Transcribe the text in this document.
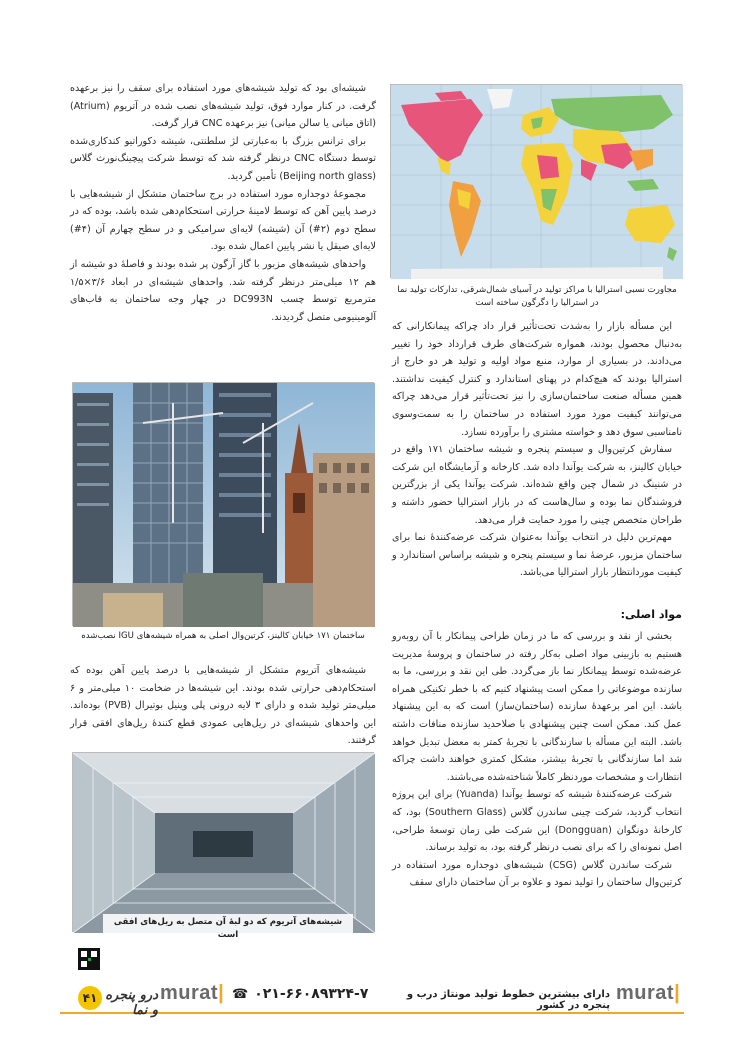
مجاورت نسبی استرالیا با مراکز تولید در آسیای شمال‌شرقی، تدارکات تولید نما در استرالیا را دگرگون ساخته است

این مسأله بازار را به‌شدت تحت‌تأثیر قرار داد چراکه پیمانکارانی که به‌دنبال محصول بودند، همواره شرکت‌های طرف قرارداد خود را تغییر می‌دادند. در بسیاری از موارد، منبع مواد اولیه و تولید هر دو خارج از استرالیا بودند که هیچ‌کدام در پهنای استاندارد و کنترل کیفیت نداشتند. همین مسأله صنعت ساختمان‌سازی را نیز تحت‌تأثیر قرار می‌دهد چراکه می‌توانند کیفیت مورد مورد استفاده در ساختمان را به سمت‌وسوی نامناسبی سوق دهد و خواسته مشتری را برآورده نسازد.

سفارش کرتین‌وال و سیستم پنجره و شیشه ساختمان ۱۷۱ واقع در خیابان کالینز، به شرکت یوآندا داده شد. کارخانه و آزمایشگاه این شرکت در شنینگ در شمال چین واقع شده‌اند. شرکت یوآندا یکی از بزرگترین فروشندگان نما بوده و سال‌هاست که در بازار استرالیا حضور داشته و طراحان متخصص چینی را مورد حمایت قرار می‌دهد.

مهم‌ترین دلیل در انتخاب یوآندا به‌عنوان شرکت عرضه‌کنندهٔ نما برای ساختمان مزبور، عرضهٔ نما و سیستم پنجره و شیشه براساس استاندارد و کیفیت موردانتظار بازار استرالیا می‌باشد.

مواد اصلی:

بخشی از نقد و بررسی که ما در زمان طراحی پیمانکار با آن روبه‌رو هستیم به بازبینی مواد اصلی به‌کار رفته در ساختمان و پروسهٔ مدیریت عرضه‌شده توسط پیمانکار نما باز می‌گردد. طی این نقد و بررسی، ما به سازنده موضوعاتی را ممکن است پیشنهاد کنیم که با خطر تکنیکی همراه باشد. این امر برعهدهٔ سازنده (ساختمان‌ساز) است که به این پیشنهاد عمل کند. ممکن است چنین پیشنهادی با صلاحدید سازنده منافات داشته باشد. البته این مسأله با سازندگانی با تجربهٔ کمتر به معضل تبدیل خواهد شد اما سازندگانی با تجربهٔ بیشتر، مشکل کمتری خواهند داشت چراکه انتظارات و مشخصات موردنظر کاملاً شناخته‌شده می‌باشند.

شرکت عرضه‌کنندهٔ شیشه که توسط یوآندا (Yuanda) برای این پروژه انتخاب گردید، شرکت چینی ساندرن گلاس (Southern Glass) بود، که کارخانهٔ دونگوان (Dongguan) این شرکت طی زمان توسعهٔ طراحی، اصل نمونه‌ای را که برای نصب درنظر گرفته بود، به تولید برساند.

شرکت ساندرن گلاس (CSG) شیشه‌های دوجداره مورد استفاده در کرتین‌وال ساختمان را تولید نمود و علاوه بر آن ساختمان دارای سقف

شیشه‌ای بود که تولید شیشه‌های مورد استفاده برای سقف را نیز برعهده گرفت. در کنار موارد فوق، تولید شیشه‌های نصب شده در آتریوم (Atrium) (اتاق میانی یا سالن میانی) نیز برعهده CNC قرار گرفت.

برای ترانس بزرگ با به‌عبارتی لژ سلطنتی، شیشه دکوراتیو کندکاری‌شده توسط دستگاه CNC درنظر گرفته شد که توسط شرکت پیچینگ‌نورث گلاس (Beijing north glass) تأمین گردید.

مجموعهٔ دوجداره مورد استفاده در برج ساختمان متشکل از شیشه‌هایی با درصد پایین آهن که توسط لامینهٔ حرارتی استحکام‌دهی شده باشد، بوده که در سطح دوم (۲#) آن (شیشه) لایه‌ای سرامیکی و در سطح چهارم آن (۴#) لایه‌ای صیقل یا نشر پایین اعمال شده بود.

واحدهای شیشه‌های مزبور با گاز آرگون پر شده بودند و فاصلهٔ دو شیشه از هم ۱۲ میلی‌متر درنظر گرفته شد. واحدهای شیشه‌ای در ابعاد ۳/۶×۱/۵ مترمربع توسط چسب DC993N در چهار وجه ساختمان به قاب‌های آلومینیومی متصل گردیدند.

ساختمان ۱۷۱ خیابان کالینز، کرتین‌وال اصلی به همراه شیشه‌های IGU نصب‌شده

شیشه‌های آتریوم متشکل از شیشه‌هایی با درصد پایین آهن بوده که استحکام‌دهی حرارتی شده بودند. این شیشه‌ها در ضخامت ۱۰ میلی‌متر و ۶ میلی‌متر تولید شده و دارای ۳ لایه درونی پلی وینیل بوتیرال (PVB) بوده‌اند. این واحدهای شیشه‌ای در ریل‌هایی عمودی قطع کنندهٔ ریل‌های افقی قرار گرفتند.

شیشه‌های آتریوم که دو لبهٔ آن متصل به ریل‌های افقی است
murat| ☎ ۰۲۱-۶۶۰۸۹۳۲۴-۷	دارای بیشترین خطوط تولید مونتاژ درب و پنجره در کشور
murat|
۴۱ درو پنجره و نما
